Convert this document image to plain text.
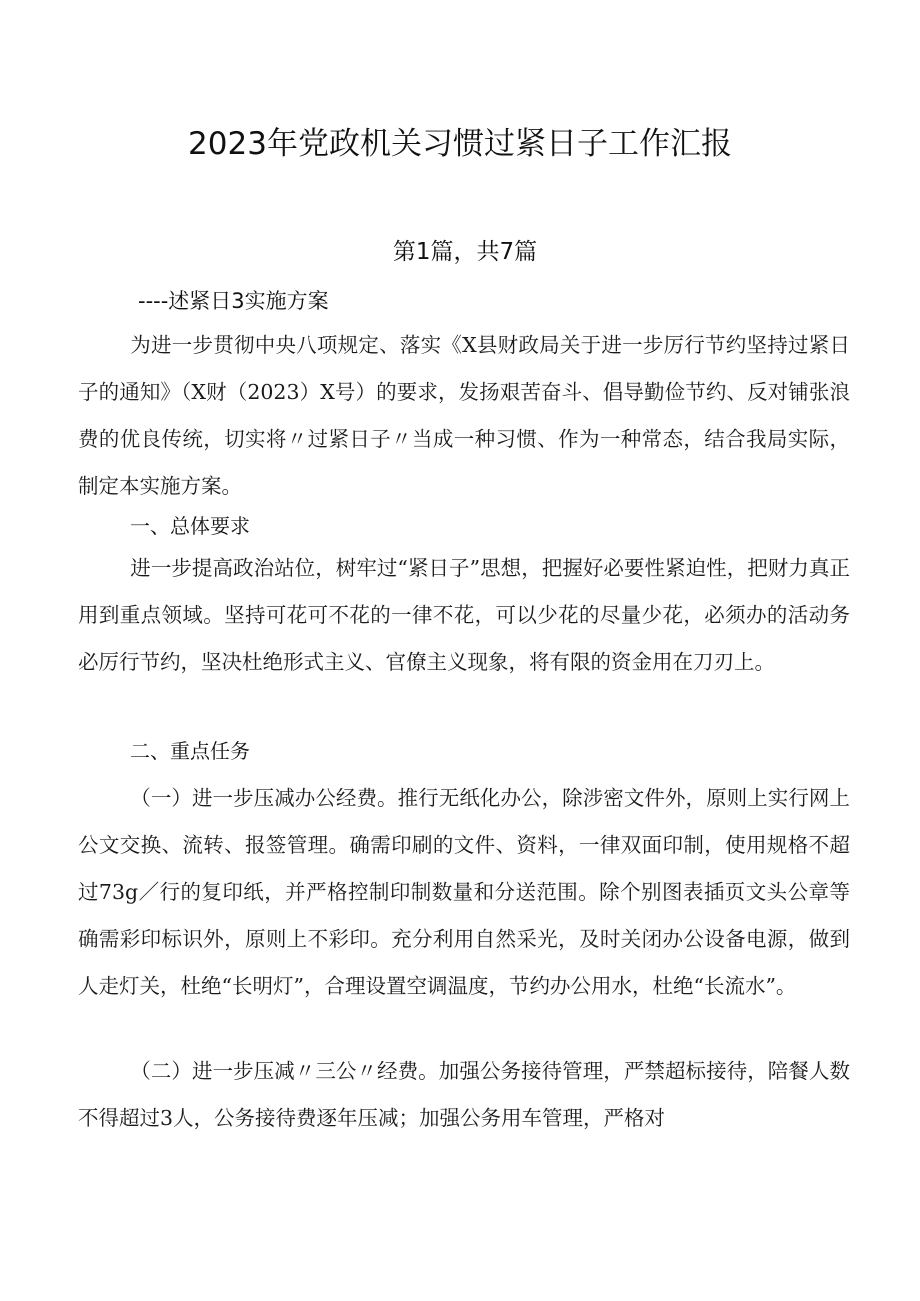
2023年党政机关习惯过紧日子工作汇报
第1篇，共7篇
----述紧日3实施方案

为进一步贯彻中央八项规定、落实《X县财政局关于进一步厉行节约坚持过紧日子的通知》（X财（2023）X号）的要求，发扬艰苦奋斗、倡导勤俭节约、反对铺张浪费的优良传统，切实将〃过紧日子〃当成一种习惯、作为一种常态，结合我局实际，制定本实施方案。

一、总体要求

进一步提高政治站位，树牢过“紧日子”思想，把握好必要性紧迫性，把财力真正用到重点领域。坚持可花可不花的一律不花，可以少花的尽量少花，必须办的活动务必厉行节约，坚决杜绝形式主义、官僚主义现象，将有限的资金用在刀刃上。

二、重点任务

（一）进一步压减办公经费。推行无纸化办公，除涉密文件外，原则上实行网上公文交换、流转、报签管理。确需印刷的文件、资料，一律双面印制，使用规格不超过73g／行的复印纸，并严格控制印制数量和分送范围。除个别图表插页文头公章等确需彩印标识外，原则上不彩印。充分利用自然采光，及时关闭办公设备电源，做到人走灯关，杜绝“长明灯”，合理设置空调温度，节约办公用水，杜绝“长流水”。

（二）进一步压减〃三公〃经费。加强公务接待管理，严禁超标接待，陪餐人数不得超过3人，公务接待费逐年压减；加强公务用车管理，严格对
